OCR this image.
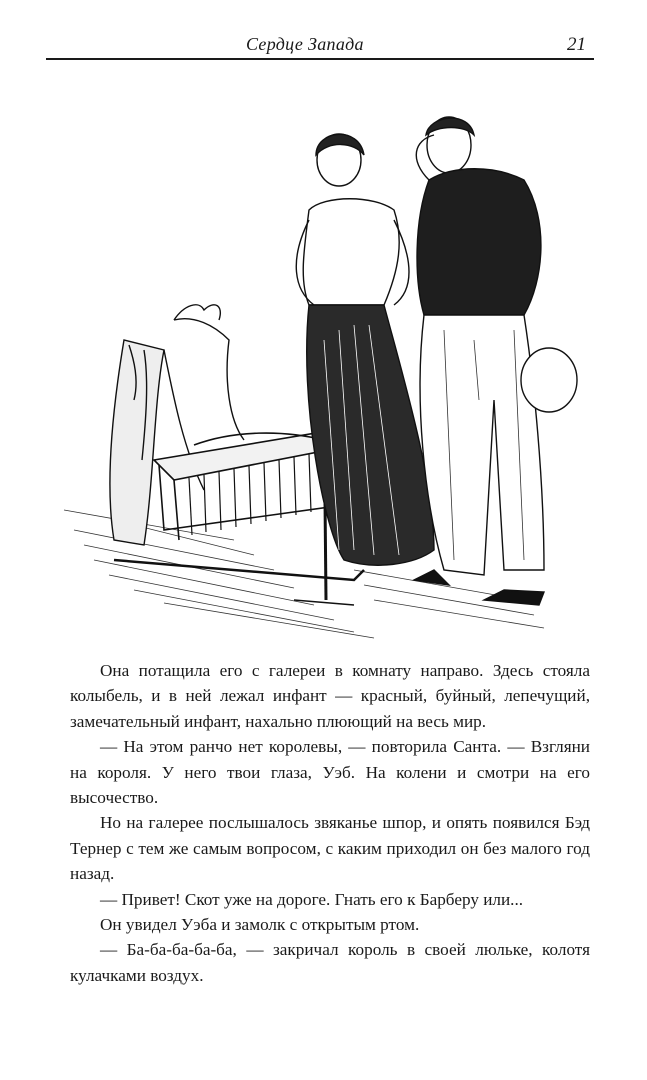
Сердце Запада	21

Она потащила его с галереи в комнату направо. Здесь стояла колыбель, и в ней лежал инфант — красный, буйный, лепечущий, замечательный инфант, нахально плюющий на весь мир.

— На этом ранчо нет королевы, — повторила Санта. — Взгляни на короля. У него твои глаза, Уэб. На колени и смотри на его высочество.

Но на галерее послышалось звяканье шпор, и опять появился Бэд Тернер с тем же самым вопросом, с каким приходил он без малого год назад.

— Привет! Скот уже на дороге. Гнать его к Барберу или...

Он увидел Уэба и замолк с открытым ртом.

— Ба-ба-ба-ба-ба, — закричал король в своей люльке, колотя кулачками воздух.
